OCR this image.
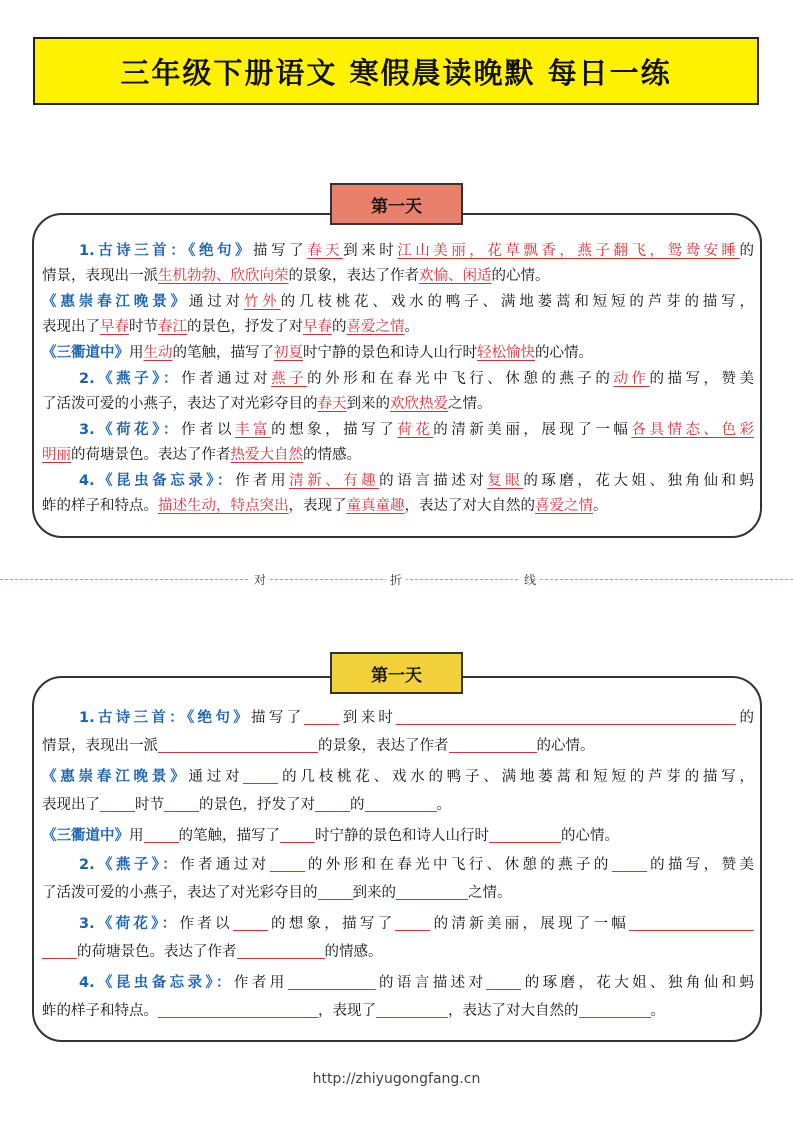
三年级下册语文 寒假晨读晚默 每日一练
第一天

1.古诗三首：《绝句》描写了春天到来时江山美丽，花草飘香，燕子翻飞，鸳鸯安睡的

情景，表现出一派生机勃勃、欣欣向荣的景象，表达了作者欢愉、闲适的心情。

《惠崇春江晚景》通过对竹外的几枝桃花、戏水的鸭子、满地蒌蒿和短短的芦芽的描写，

表现出了早春时节春江的景色，抒发了对早春的喜爱之情。

《三衢道中》用生动的笔触，描写了初夏时宁静的景色和诗人山行时轻松愉快的心情。

2.《燕子》：作者通过对燕子的外形和在春光中飞行、休憩的燕子的动作的描写，赞美

了活泼可爱的小燕子，表达了对光彩夺目的春天到来的欢欣热爱之情。

3.《荷花》：作者以丰富的想象，描写了荷花的清新美丽，展现了一幅各具情态、色彩

明丽的荷塘景色。表达了作者热爱大自然的情感。

4.《昆虫备忘录》：作者用清新、有趣的语言描述对复眼的琢磨，花大姐、独角仙和蚂

蚱的样子和特点。描述生动，特点突出，表现了童真童趣，表达了对大自然的喜爱之情。

对	折	线
第一天

1.古诗三首：《绝句》描写了 到来时	的

情景，表现出一派	的景象，表达了作者	的心情。

《惠崇春江晚景》通过对 的几枝桃花、戏水的鸭子、满地蒌蒿和短短的芦芽的描写，

表现出了 时节 的景色，抒发了对 的	。

《三衢道中》用 的笔触，描写了 时宁静的景色和诗人山行时	的心情。

2.《燕子》：作者通过对 的外形和在春光中飞行、休憩的燕子的 的描写，赞美

了活泼可爱的小燕子，表达了对光彩夺目的 到来的	之情。

3.《荷花》：作者以 的想象，描写了 的清新美丽，展现了一幅

的荷塘景色。表达了作者	的情感。

4.《昆虫备忘录》：作者用	的语言描述对 的琢磨，花大姐、独角仙和蚂

蚱的样子和特点。	，表现了	，表达了对大自然的	。

http://zhiyugongfang.cn
